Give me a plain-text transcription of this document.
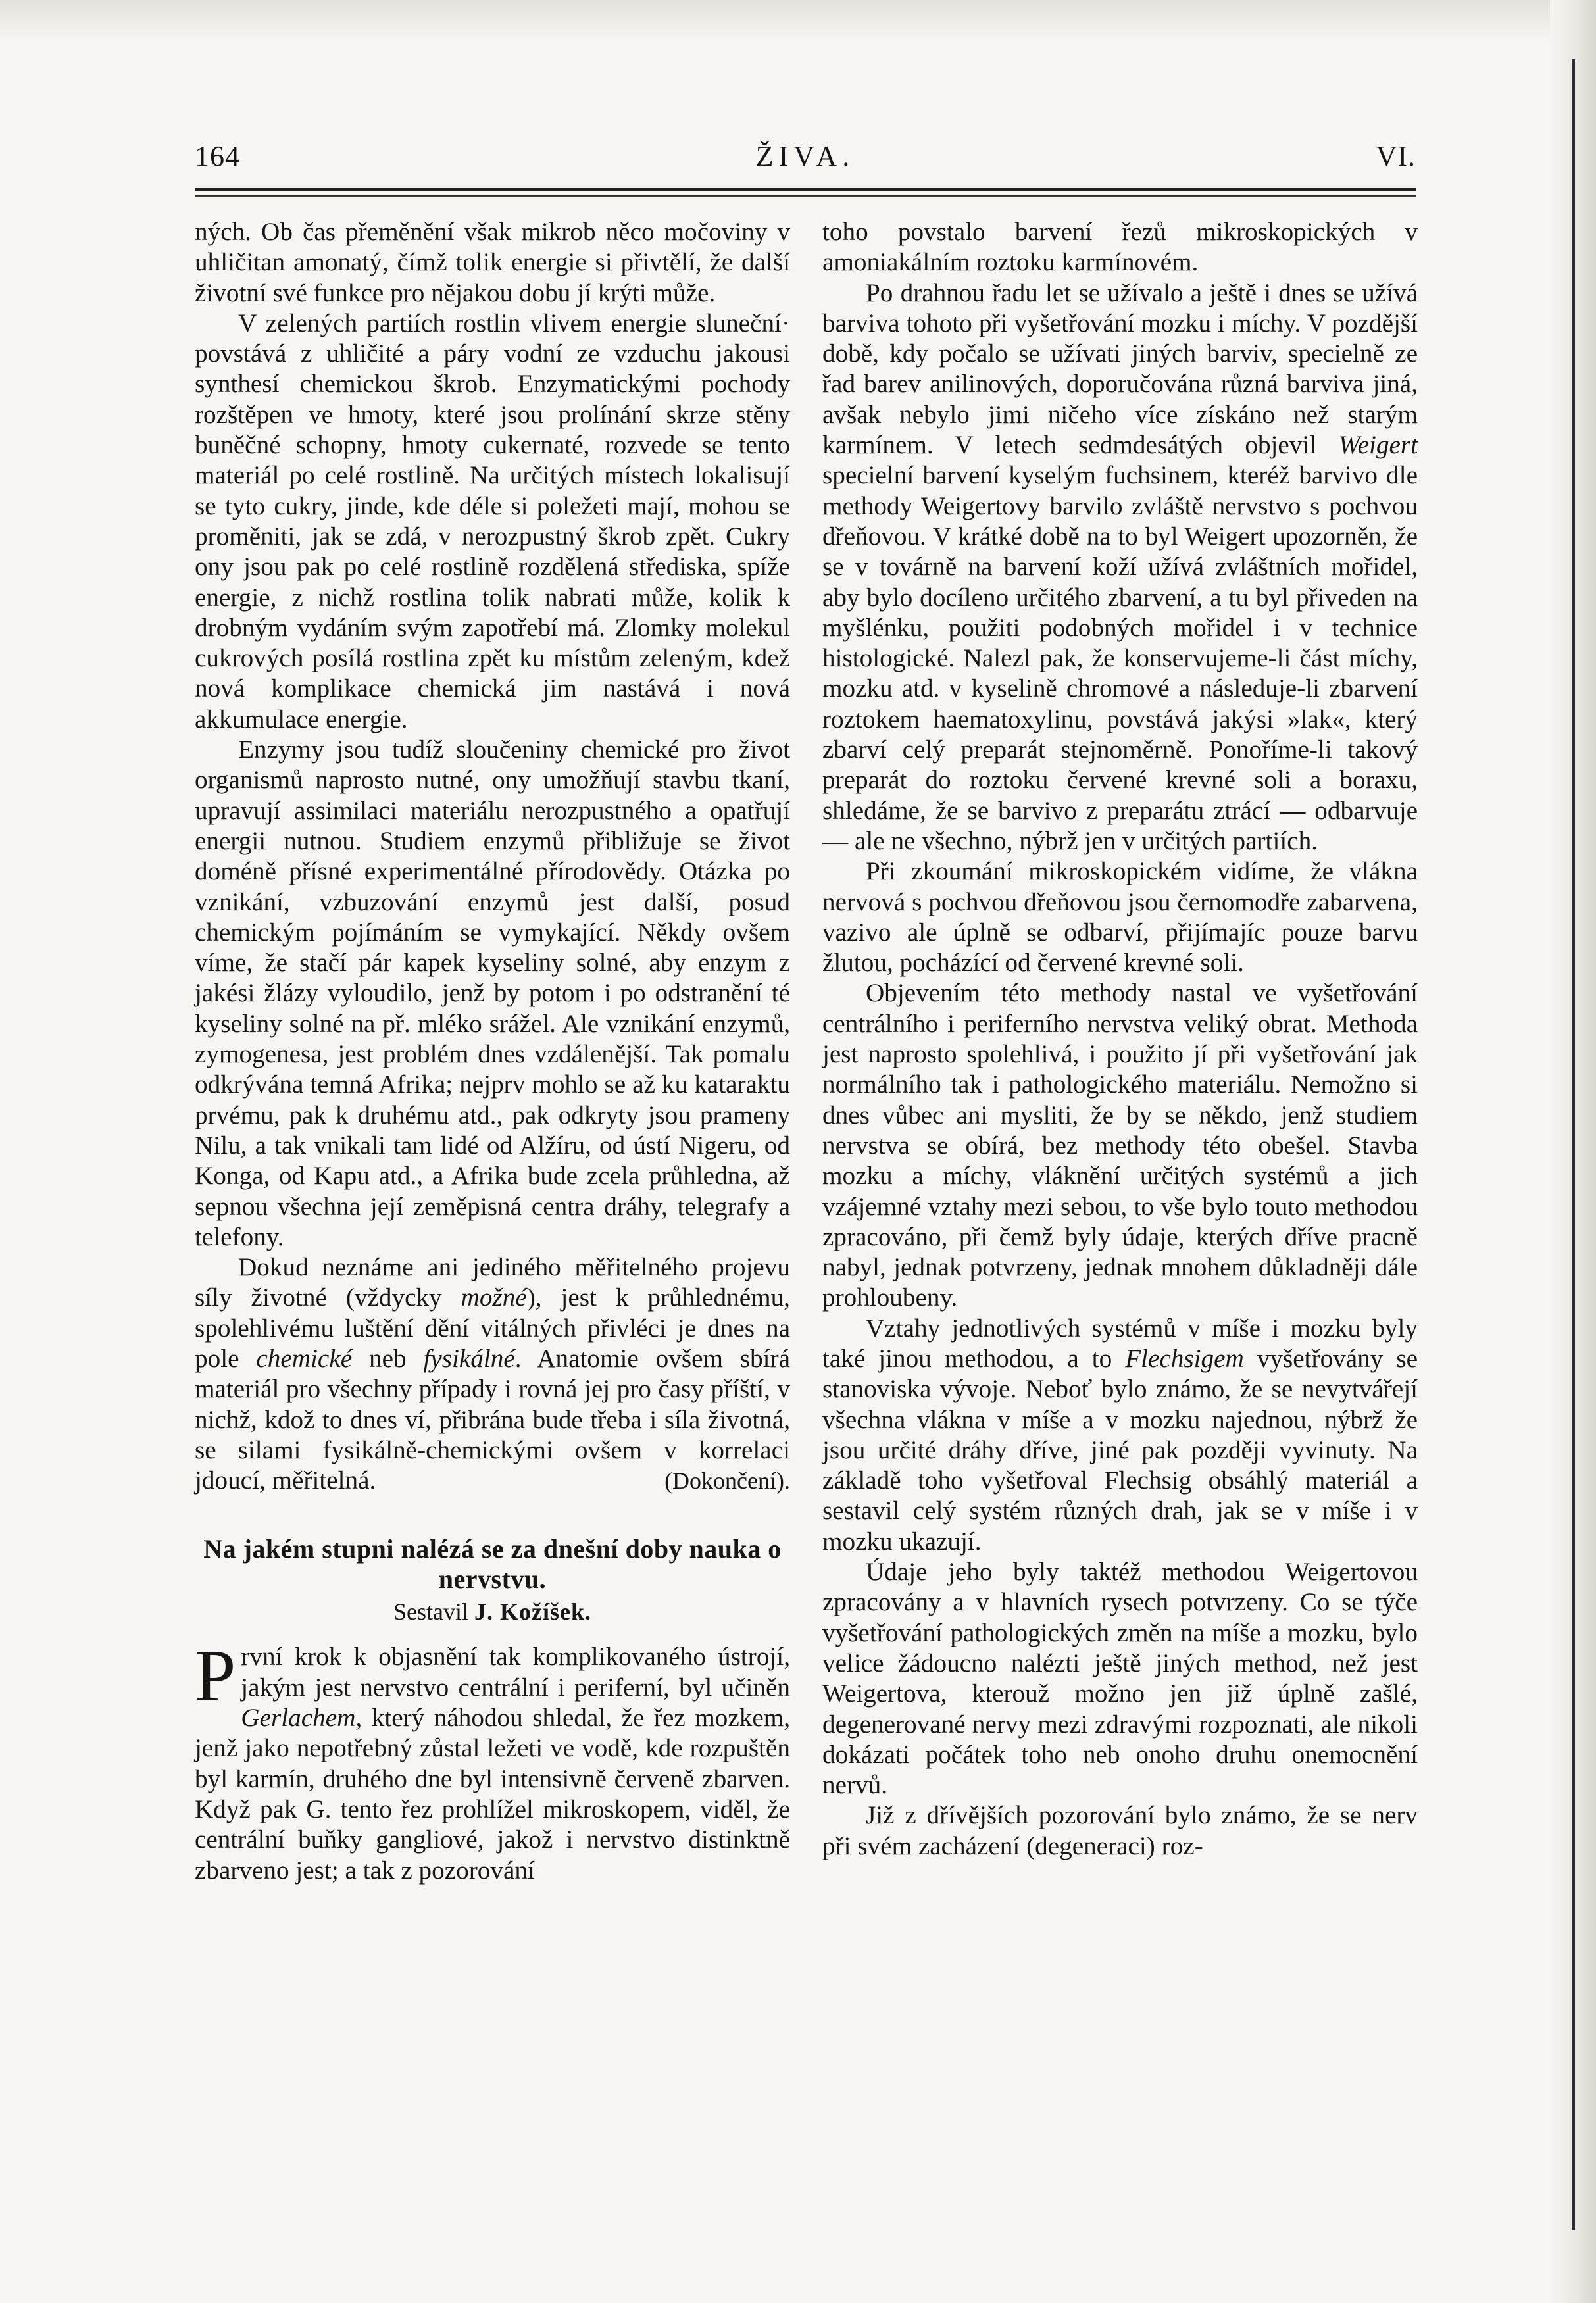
164	ŽIVA.	VI.

ných. Ob čas přeměnění však mikrob něco močoviny v uhličitan amonatý, čímž tolik energie si přivtělí, že další životní své funkce pro nějakou dobu jí krýti může.

V zelených partiích rostlin vlivem energie sluneční· povstává z uhličité a páry vodní ze vzduchu jakousi synthesí chemickou škrob. Enzymatickými pochody rozštěpen ve hmoty, které jsou prolínání skrze stěny buněčné schopny, hmoty cukernaté, rozvede se tento materiál po celé rostlině. Na určitých místech lokalisují se tyto cukry, jinde, kde déle si poležeti mají, mohou se proměniti, jak se zdá, v nerozpustný škrob zpět. Cukry ony jsou pak po celé rostlině rozdělená střediska, spíže energie, z nichž rostlina tolik nabrati může, kolik k drobným vydáním svým zapotřebí má. Zlomky molekul cukrových posílá rostlina zpět ku místům zeleným, kdež nová komplikace chemická jim nastává i nová akkumulace energie.

Enzymy jsou tudíž sloučeniny chemické pro život organismů naprosto nutné, ony umožňují stavbu tkaní, upravují assimilaci materiálu nerozpustného a opatřují energii nutnou. Studiem enzymů přibližuje se život doméně přísné experimentálné přírodovědy. Otázka po vznikání, vzbuzování enzymů jest další, posud chemickým pojímáním se vymykající. Někdy ovšem víme, že stačí pár kapek kyseliny solné, aby enzym z jakési žlázy vyloudilo, jenž by potom i po odstranění té kyseliny solné na př. mléko srážel. Ale vznikání enzymů, zymogenesa, jest problém dnes vzdálenější. Tak pomalu odkrývána temná Afrika; nejprv mohlo se až ku kataraktu prvému, pak k druhému atd., pak odkryty jsou prameny Nilu, a tak vnikali tam lidé od Alžíru, od ústí Nigeru, od Konga, od Kapu atd., a Afrika bude zcela průhledna, až sepnou všechna její zeměpisná centra dráhy, telegrafy a telefony.

Dokud neznáme ani jediného měřitelného projevu síly životné (vždycky možné), jest k průhlednému, spolehlivému luštění dění vitálných přivléci je dnes na pole chemické neb fysikálné. Anatomie ovšem sbírá materiál pro všechny případy i rovná jej pro časy příští, v nichž, kdož to dnes ví, přibrána bude třeba i síla životná, se silami fysikálně-chemickými ovšem v korrelaci jdoucí, měřitelná.	(Dokončení).

Na jakém stupni nalézá se za dnešní doby nauka o nervstvu.
Sestavil J. Kožíšek.

První krok k objasnění tak komplikovaného ústrojí, jakým jest nervstvo centrální i periferní, byl učiněn Gerlachem, který náhodou shledal, že řez mozkem, jenž jako nepotřebný zůstal ležeti ve vodě, kde rozpuštěn byl karmín, druhého dne byl intensivně červeně zbarven. Když pak G. tento řez prohlížel mikroskopem, viděl, že centrální buňky gangliové, jakož i nervstvo distinktně zbarveno jest; a tak z pozorování

toho povstalo barvení řezů mikroskopických v amoniakálním roztoku karmínovém.

Po drahnou řadu let se užívalo a ještě i dnes se užívá barviva tohoto při vyšetřování mozku i míchy. V pozdější době, kdy počalo se užívati jiných barviv, specielně ze řad barev anilinových, doporučována různá barviva jiná, avšak nebylo jimi ničeho více získáno než starým karmínem. V letech sedmdesátých objevil Weigert specielní barvení kyselým fuchsinem, kteréž barvivo dle methody Weigertovy barvilo zvláště nervstvo s pochvou dřeňovou. V krátké době na to byl Weigert upozorněn, že se v továrně na barvení koží užívá zvláštních mořidel, aby bylo docíleno určitého zbarvení, a tu byl přiveden na myšlénku, použiti podobných mořidel i v technice histologické. Nalezl pak, že konservujeme-li část míchy, mozku atd. v kyselině chromové a následuje-li zbarvení roztokem haematoxylinu, povstává jakýsi »lak«, který zbarví celý preparát stejnoměrně. Ponoříme-li takový preparát do roztoku červené krevné soli a boraxu, shledáme, že se barvivo z preparátu ztrácí — odbarvuje — ale ne všechno, nýbrž jen v určitých partiích.

Při zkoumání mikroskopickém vidíme, že vlákna nervová s pochvou dřeňovou jsou černomodře zabarvena, vazivo ale úplně se odbarví, přijímajíc pouze barvu žlutou, pocházící od červené krevné soli.

Objevením této methody nastal ve vyšetřování centrálního i periferního nervstva veliký obrat. Methoda jest naprosto spolehlivá, i použito jí při vyšetřování jak normálního tak i pathologického materiálu. Nemožno si dnes vůbec ani mysliti, že by se někdo, jenž studiem nervstva se obírá, bez methody této obešel. Stavba mozku a míchy, vláknění určitých systémů a jich vzájemné vztahy mezi sebou, to vše bylo touto methodou zpracováno, při čemž byly údaje, kterých dříve pracně nabyl, jednak potvrzeny, jednak mnohem důkladněji dále prohloubeny.

Vztahy jednotlivých systémů v míše i mozku byly také jinou methodou, a to Flechsigem vyšetřovány se stanoviska vývoje. Neboť bylo známo, že se nevytvářejí všechna vlákna v míše a v mozku najednou, nýbrž že jsou určité dráhy dříve, jiné pak později vyvinuty. Na základě toho vyšetřoval Flechsig obsáhlý materiál a sestavil celý systém různých drah, jak se v míše i v mozku ukazují.

Údaje jeho byly taktéž methodou Weigertovou zpracovány a v hlavních rysech potvrzeny. Co se týče vyšetřování pathologických změn na míše a mozku, bylo velice žádoucno nalézti ještě jiných method, než jest Weigertova, kterouž možno jen již úplně zašlé, degenerované nervy mezi zdravými rozpoznati, ale nikoli dokázati počátek toho neb onoho druhu onemocnění nervů.

Již z dřívějších pozorování bylo známo, že se nerv při svém zacházení (degeneraci) roz-
